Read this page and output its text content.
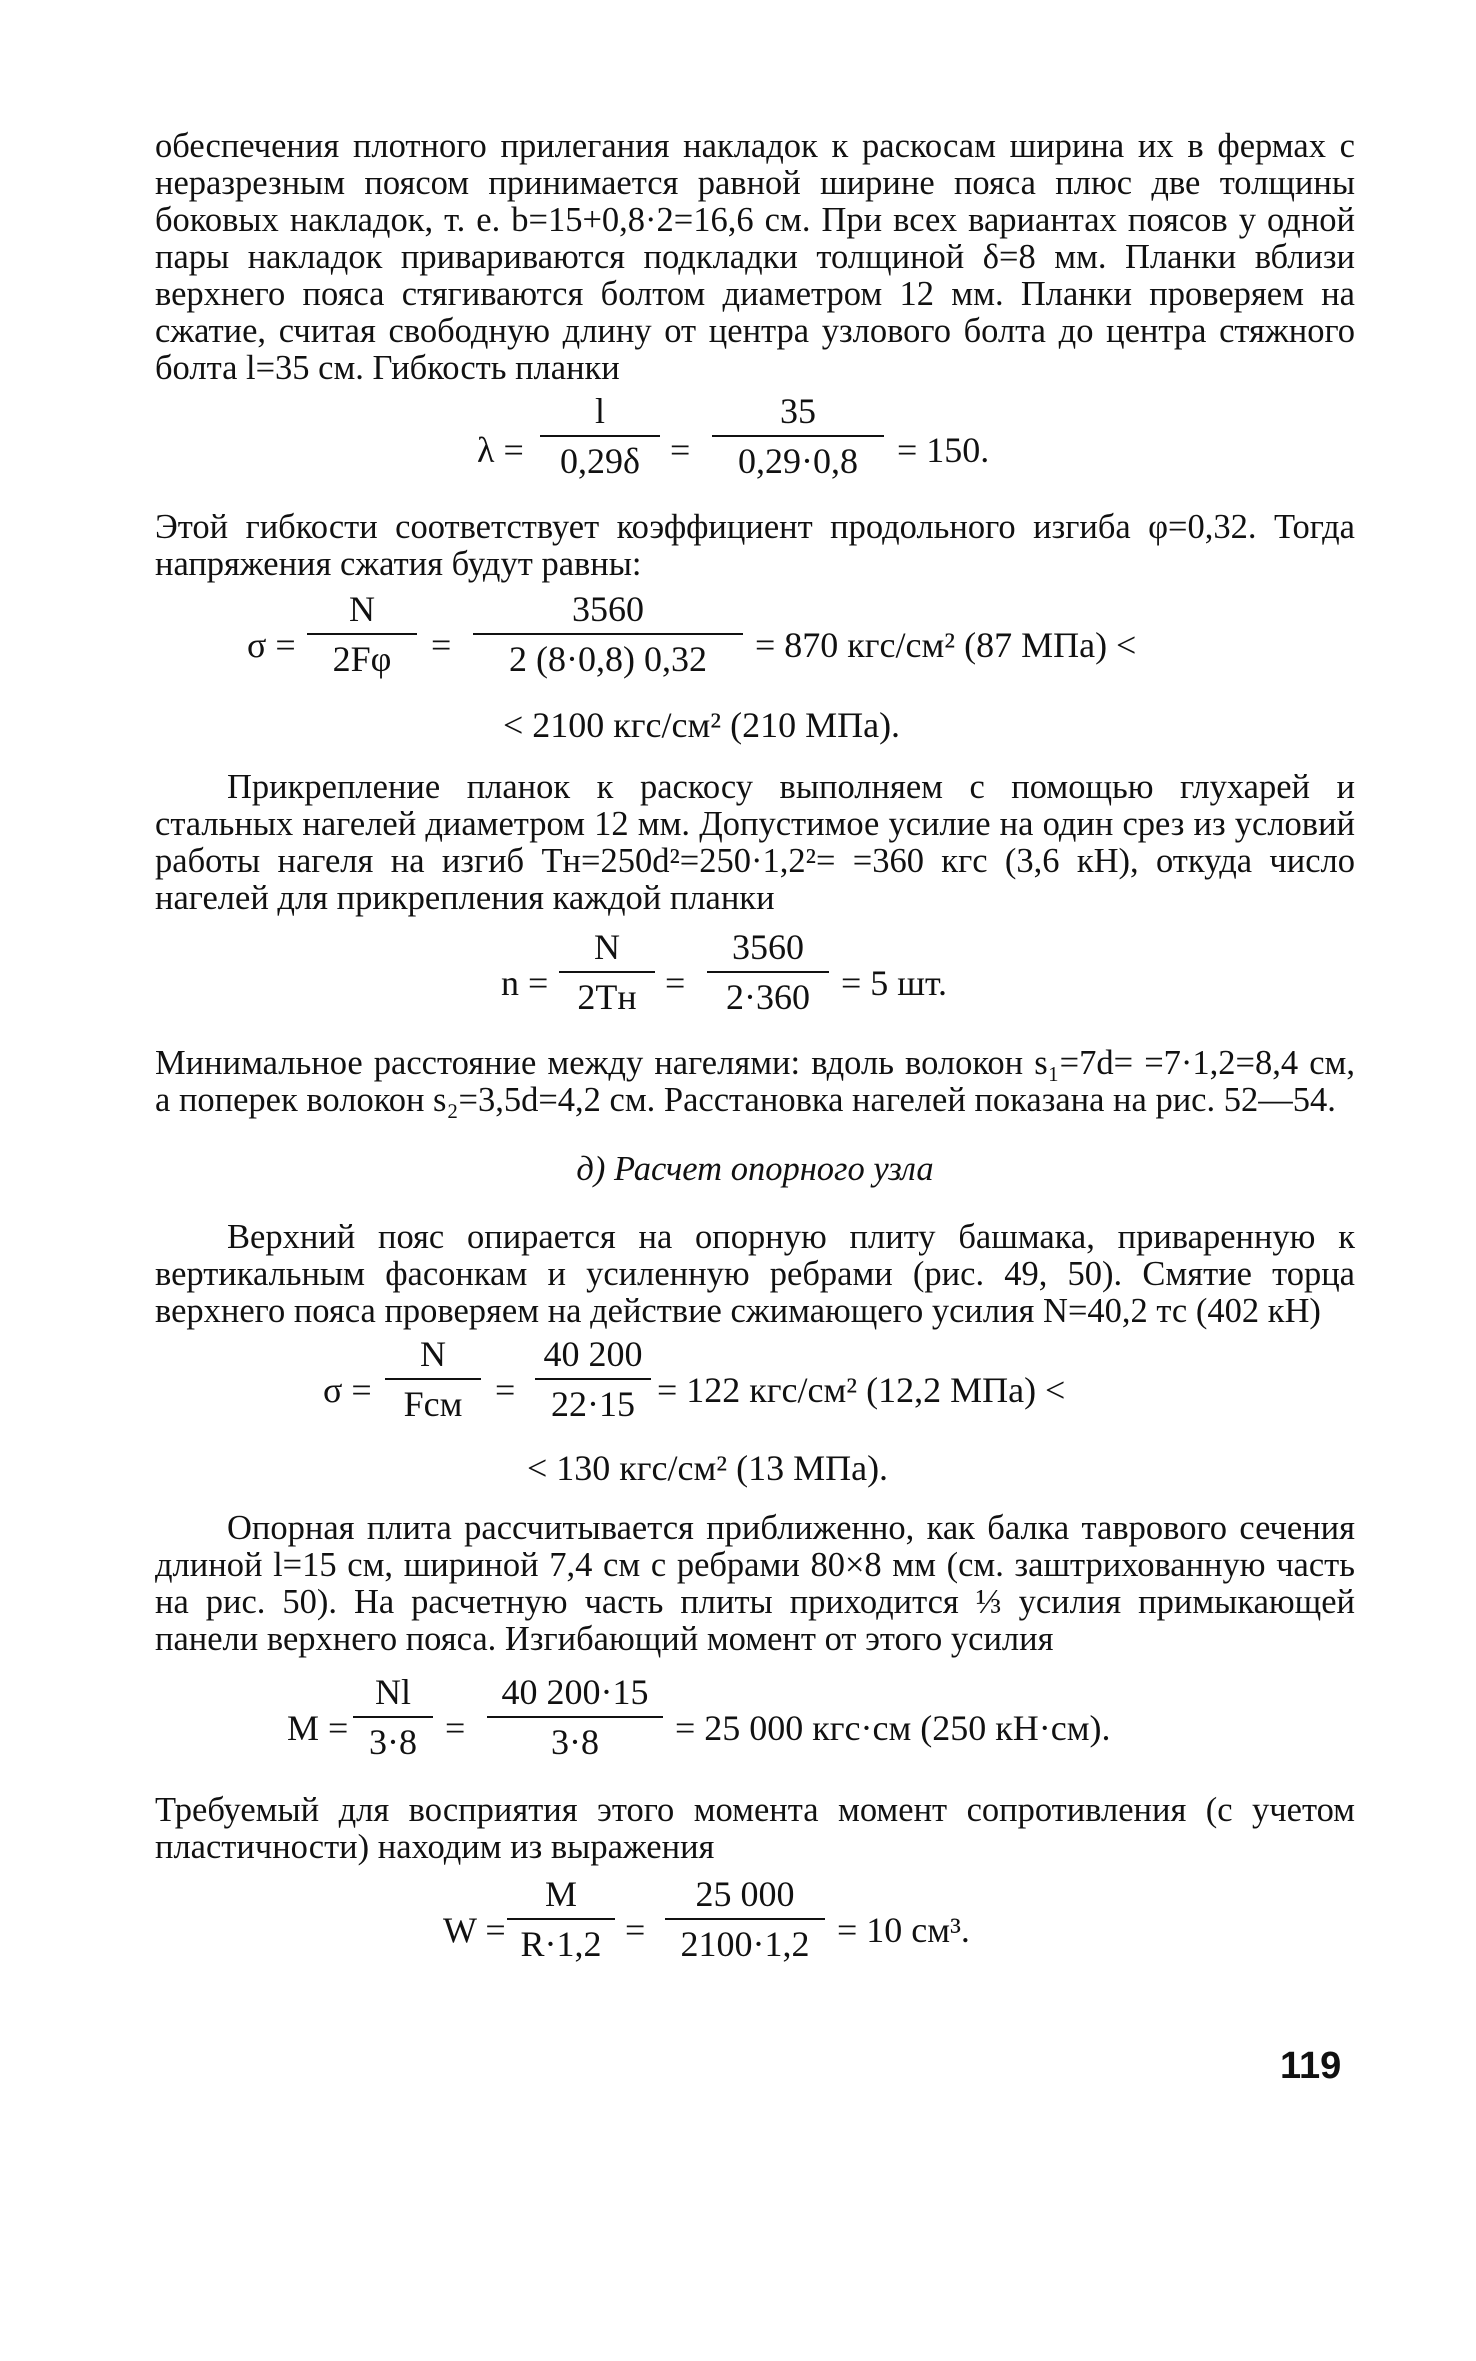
обеспечения плотного прилегания накладок к раскосам ширина их в фермах с неразрезным поясом принимается равной ширине пояса плюс две толщины боковых накладок, т. е. b=15+0,8·2=16,6 см. При всех вариантах поясов у одной пары накладок привариваются подкладки толщиной δ=8 мм. Планки вблизи верхнего пояса стягиваются болтом диаметром 12 мм. Планки проверяем на сжатие, считая свободную длину от центра узлового болта до центра стяжного болта l=35 см. Гибкость планки

$\lambda = \frac{l}{0,29\delta} = \frac{35}{0,29\cdot 0,8} = 150$.

Этой гибкости соответствует коэффициент продольного изгиба φ=0,32. Тогда напряжения сжатия будут равны:

$\sigma = \frac{N}{2F\varphi} = \frac{3560}{2 (8\cdot 0,8) 0,32} = 870$ кгс/см² (87 МПа) <
< 2100 кгс/см² (210 МПа).

Прикрепление планок к раскосу выполняем с помощью глухарей и стальных нагелей диаметром 12 мм. Допустимое усилие на один срез из условий работы нагеля на изгиб Tн=250d²=250·1,2²= =360 кгс (3,6 кН), откуда число нагелей для прикрепления каждой планки

n =
N
$2Tн = \frac{3560}{2\cdot 360} = 5$ шт.

Минимальное расстояние между нагелями: вдоль волокон s₁=7d= =7·1,2=8,4 см, а поперек волокон s₂=3,5d=4,2 см. Расстановка нагелей показана на рис. 52—54.

д) Расчет опорного узла

Верхний пояс опирается на опорную плиту башмака, приваренную к вертикальным фасонкам и усиленную ребрами (рис. 49, 50). Смятие торца верхнего пояса проверяем на действие сжимающего усилия N=40,2 тс (402 кН)

σ =
N
Fсм = $\frac{40 200}{22\cdot 15} = 122$ кгс/см² (12,2 МПа) <
< 130 кгс/см² (13 МПа).

Опорная плита рассчитывается приближенно, как балка таврового сечения длиной l=15 см, шириной 7,4 см с ребрами 80×8 мм (см. заштрихованную часть на рис. 50). На расчетную часть плиты приходится ⅓ усилия примыкающей панели верхнего пояса. Изгибающий момент от этого усилия

$M = \frac{Nl}{3\cdot 8} = \frac{40 200\cdot 15}{3\cdot 8} = 25$ 000 кгс·см (250 кН·см).

Требуемый для восприятия этого момента момент сопротивления (с учетом пластичности) находим из выражения

$W = \frac{M}{R\cdot 1,2} = \frac{25 000}{2100\cdot 1,2} = 10$ см³.
119
